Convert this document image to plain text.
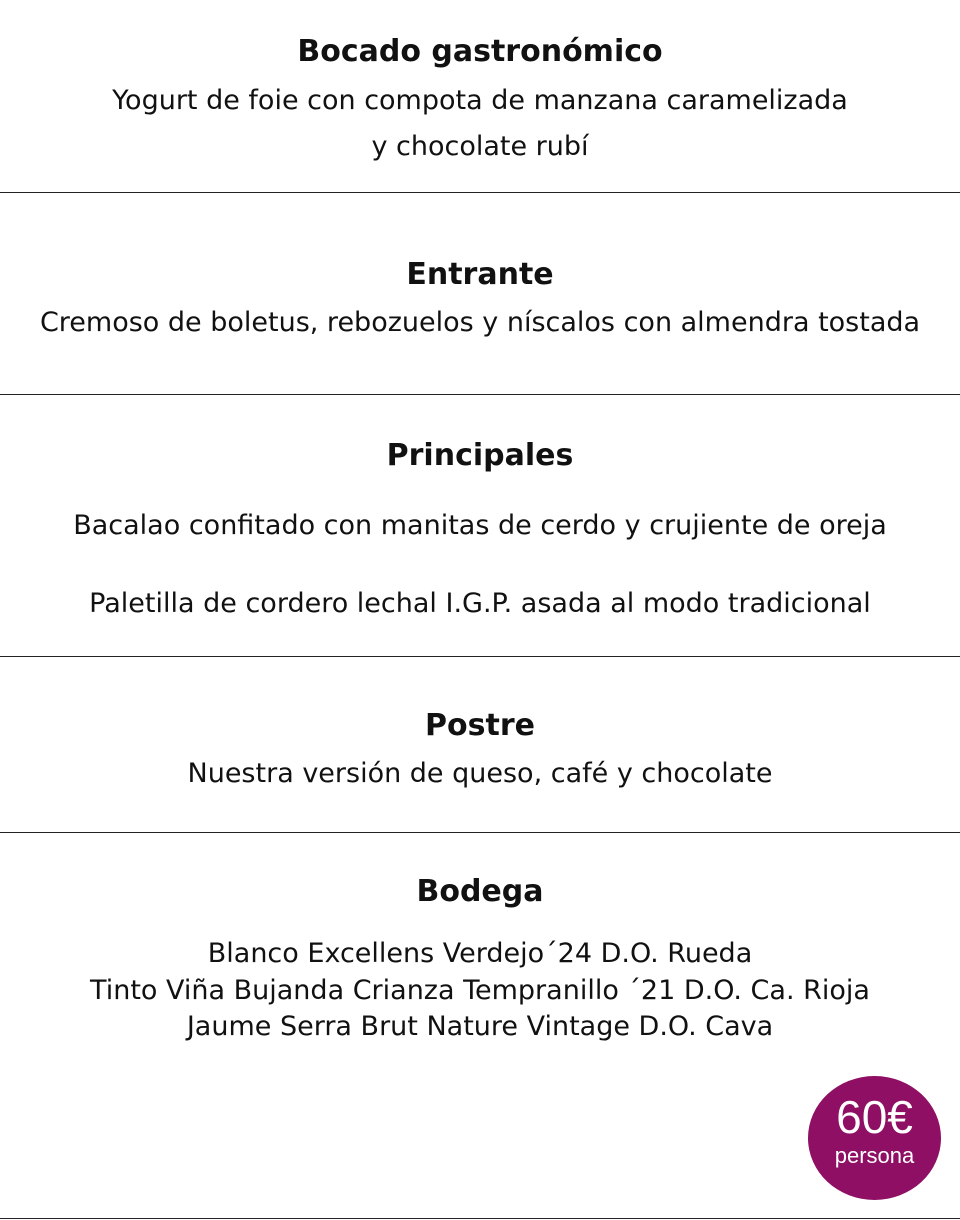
Bocado gastronómico

Yogurt de foie con compota de manzana caramelizada

y chocolate rubí

Entrante

Cremoso de boletus, rebozuelos y níscalos con almendra tostada

Principales

Bacalao confitado con manitas de cerdo y crujiente de oreja

Paletilla de cordero lechal I.G.P. asada al modo tradicional

Postre

Nuestra versión de queso, café y chocolate

Bodega

Blanco Excellens Verdejo´24 D.O. Rueda

Tinto Viña Bujanda Crianza Tempranillo ´21 D.O. Ca. Rioja

Jaume Serra Brut Nature Vintage D.O. Cava

60€
persona
